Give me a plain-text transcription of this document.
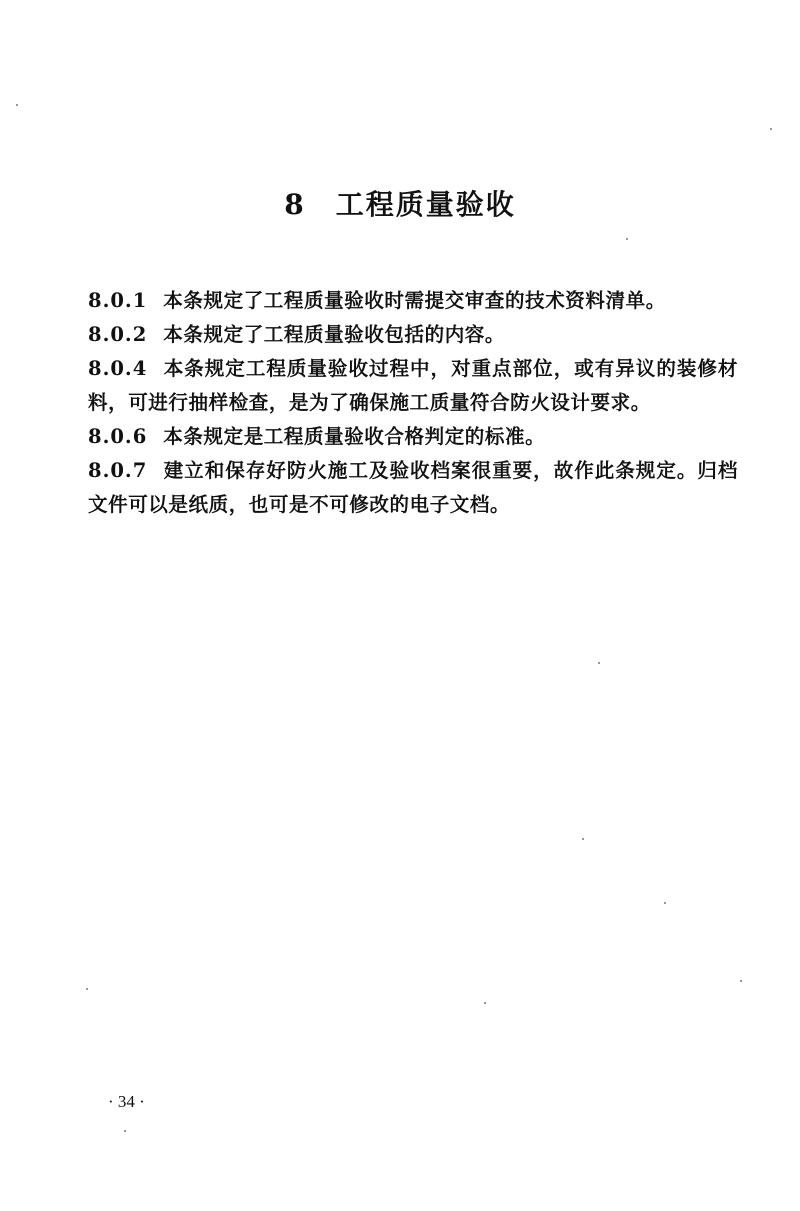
8 工程质量验收

8.0.1 本条规定了工程质量验收时需提交审查的技术资料清单。

8.0.2 本条规定了工程质量验收包括的内容。

8.0.4 本条规定工程质量验收过程中，对重点部位，或有异议的装修材料，可进行抽样检查，是为了确保施工质量符合防火设计要求。

8.0.6 本条规定是工程质量验收合格判定的标准。

8.0.7 建立和保存好防火施工及验收档案很重要，故作此条规定。归档文件可以是纸质，也可是不可修改的电子文档。

· 34 ·
